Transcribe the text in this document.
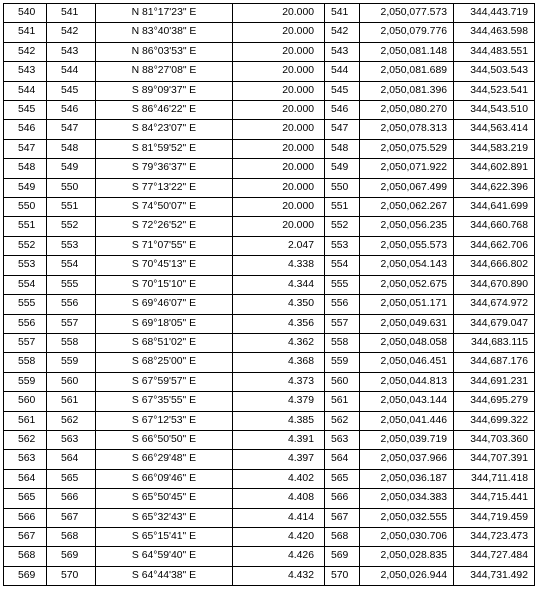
540	541	N 81°17'23" E	20.000	541	2,050,077.573	344,443.719
541	542	N 83°40'38" E	20.000	542	2,050,079.776	344,463.598
542	543	N 86°03'53" E	20.000	543	2,050,081.148	344,483.551
543	544	N 88°27'08" E	20.000	544	2,050,081.689	344,503.543
544	545	S 89°09'37" E	20.000	545	2,050,081.396	344,523.541
545	546	S 86°46'22" E	20.000	546	2,050,080.270	344,543.510
546	547	S 84°23'07" E	20.000	547	2,050,078.313	344,563.414
547	548	S 81°59'52" E	20.000	548	2,050,075.529	344,583.219
548	549	S 79°36'37" E	20.000	549	2,050,071.922	344,602.891
549	550	S 77°13'22" E	20.000	550	2,050,067.499	344,622.396
550	551	S 74°50'07" E	20.000	551	2,050,062.267	344,641.699
551	552	S 72°26'52" E	20.000	552	2,050,056.235	344,660.768
552	553	S 71°07'55" E	2.047	553	2,050,055.573	344,662.706
553	554	S 70°45'13" E	4.338	554	2,050,054.143	344,666.802
554	555	S 70°15'10" E	4.344	555	2,050,052.675	344,670.890
555	556	S 69°46'07" E	4.350	556	2,050,051.171	344,674.972
556	557	S 69°18'05" E	4.356	557	2,050,049.631	344,679.047
557	558	S 68°51'02" E	4.362	558	2,050,048.058	344,683.115
558	559	S 68°25'00" E	4.368	559	2,050,046.451	344,687.176
559	560	S 67°59'57" E	4.373	560	2,050,044.813	344,691.231
560	561	S 67°35'55" E	4.379	561	2,050,043.144	344,695.279
561	562	S 67°12'53" E	4.385	562	2,050,041.446	344,699.322
562	563	S 66°50'50" E	4.391	563	2,050,039.719	344,703.360
563	564	S 66°29'48" E	4.397	564	2,050,037.966	344,707.391
564	565	S 66°09'46" E	4.402	565	2,050,036.187	344,711.418
565	566	S 65°50'45" E	4.408	566	2,050,034.383	344,715.441
566	567	S 65°32'43" E	4.414	567	2,050,032.555	344,719.459
567	568	S 65°15'41" E	4.420	568	2,050,030.706	344,723.473
568	569	S 64°59'40" E	4.426	569	2,050,028.835	344,727.484
569	570	S 64°44'38" E	4.432	570	2,050,026.944	344,731.492
